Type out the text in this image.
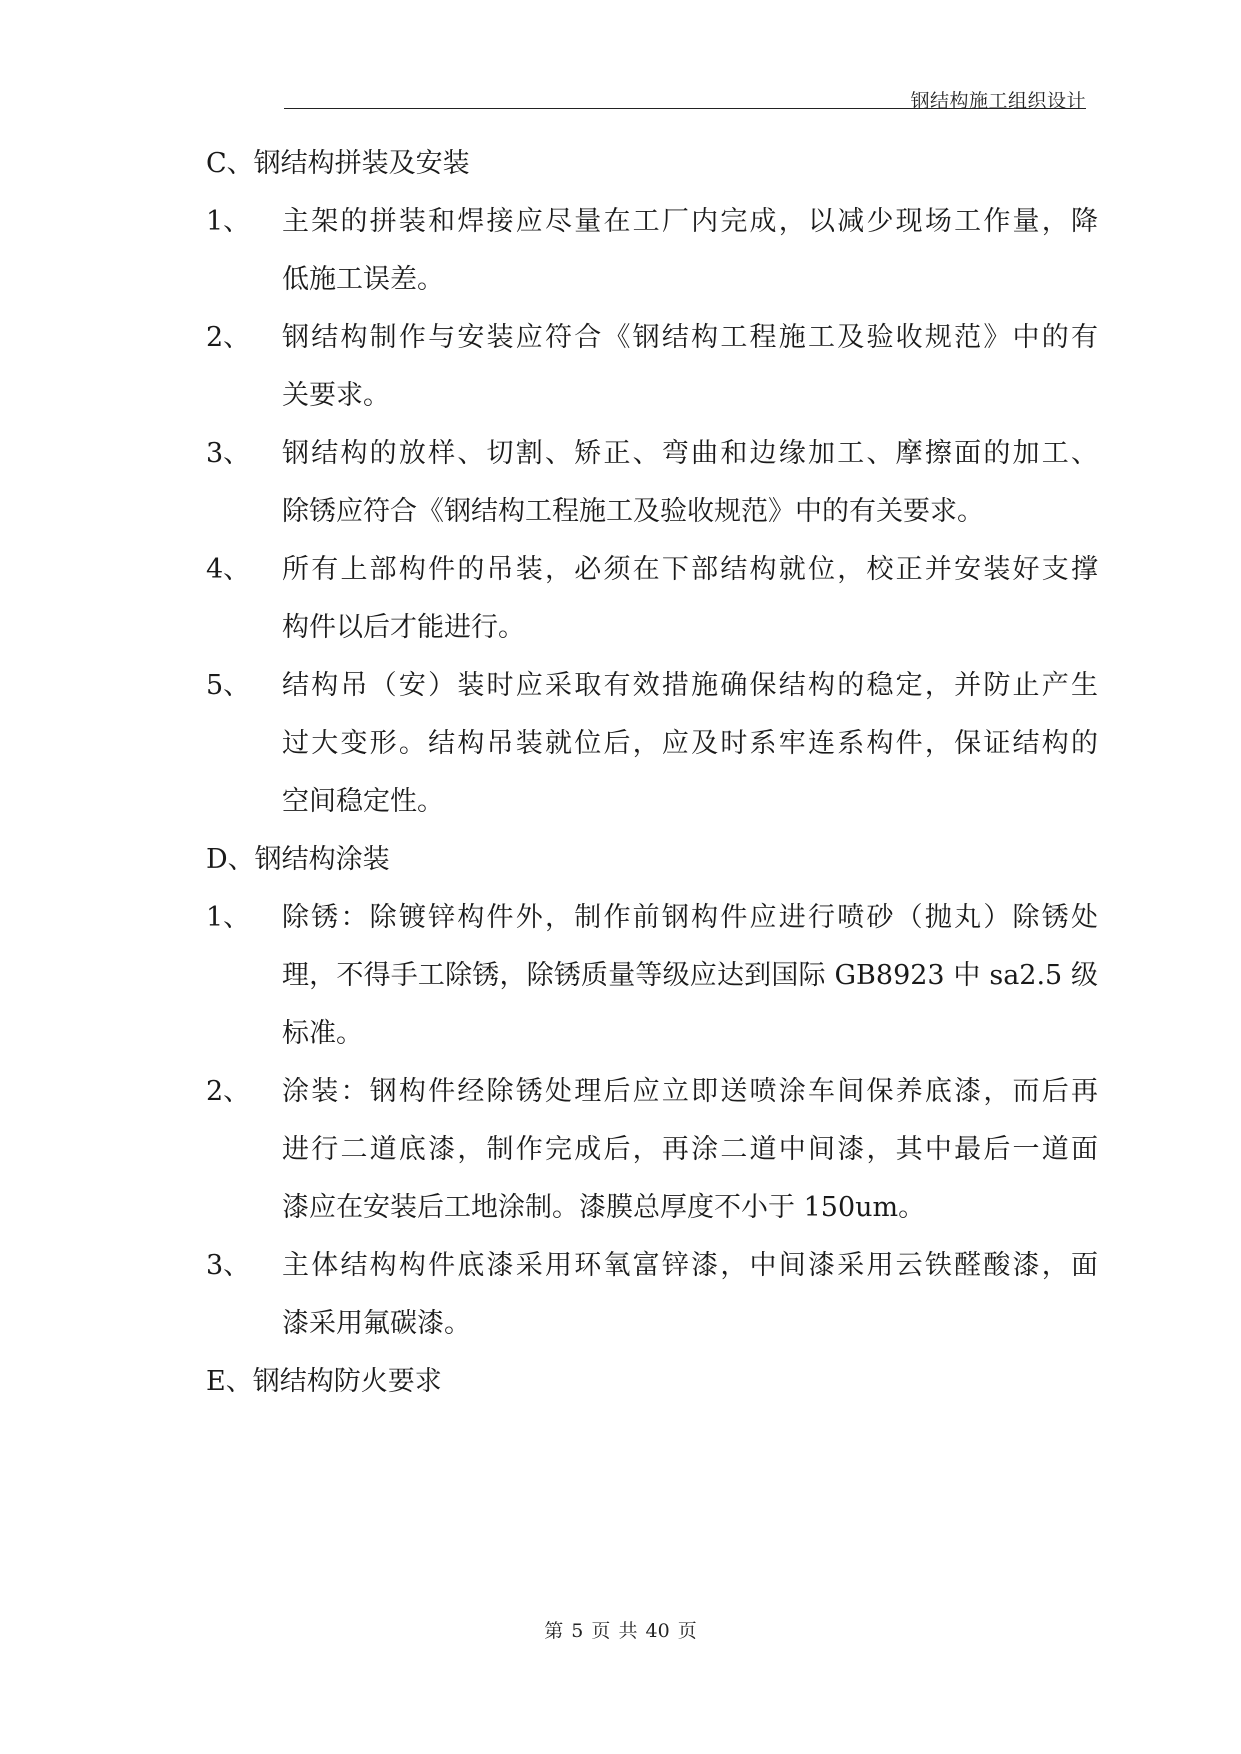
钢结构施工组织设计
C、钢结构拼装及安装
1、 主架的拼装和焊接应尽量在工厂内完成，以减少现场工作量，降
低施工误差。
2、 钢结构制作与安装应符合《钢结构工程施工及验收规范》中的有
关要求。
3、 钢结构的放样、切割、矫正、弯曲和边缘加工、摩擦面的加工、
除锈应符合《钢结构工程施工及验收规范》中的有关要求。
4、 所有上部构件的吊装，必须在下部结构就位，校正并安装好支撑
构件以后才能进行。
5、 结构吊（安）装时应采取有效措施确保结构的稳定，并防止产生
过大变形。结构吊装就位后，应及时系牢连系构件，保证结构的
空间稳定性。
D、钢结构涂装
1、 除锈：除镀锌构件外，制作前钢构件应进行喷砂（抛丸）除锈处
理，不得手工除锈，除锈质量等级应达到国际 GB8923 中 sa2.5 级
标准。
2、 涂装：钢构件经除锈处理后应立即送喷涂车间保养底漆，而后再
进行二道底漆，制作完成后，再涂二道中间漆，其中最后一道面
漆应在安装后工地涂制。漆膜总厚度不小于 150um。
3、 主体结构构件底漆采用环氧富锌漆，中间漆采用云铁醛酸漆，面
漆采用氟碳漆。
E、钢结构防火要求
第 5 页 共 40 页
